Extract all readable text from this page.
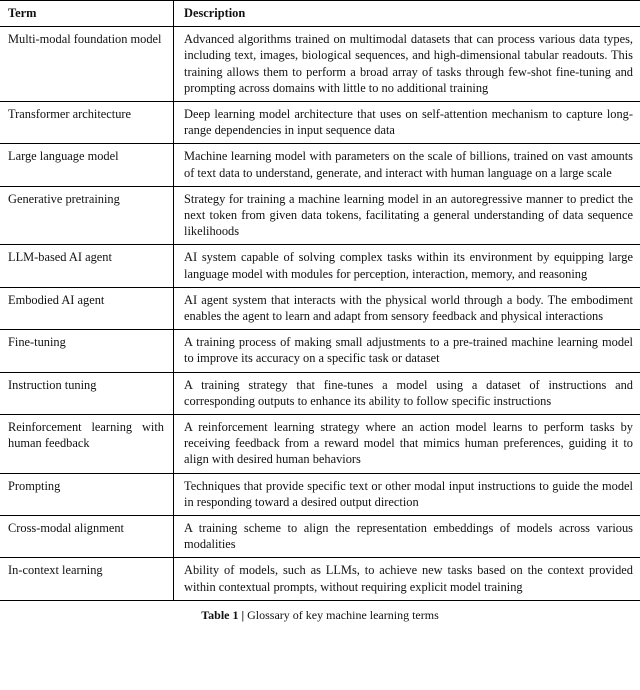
Term	Description
Multi-modal foundation model	Advanced algorithms trained on multimodal datasets that can process various data types, including text, images, biological sequences, and high-dimensional tabular readouts. This training allows them to perform a broad array of tasks through few-shot fine-tuning and prompting across domains with little to no additional training
Transformer architecture	Deep learning model architecture that uses on self-attention mechanism to capture long-range dependencies in input sequence data
Large language model	Machine learning model with parameters on the scale of billions, trained on vast amounts of text data to understand, generate, and interact with human language on a large scale
Generative pretraining	Strategy for training a machine learning model in an autoregressive manner to predict the next token from given data tokens, facilitating a general understanding of data sequence likelihoods
LLM-based AI agent	AI system capable of solving complex tasks within its environment by equipping large language model with modules for perception, interaction, memory, and reasoning
Embodied AI agent	AI agent system that interacts with the physical world through a body. The embodiment enables the agent to learn and adapt from sensory feedback and physical interactions
Fine-tuning	A training process of making small adjustments to a pre-trained machine learning model to improve its accuracy on a specific task or dataset
Instruction tuning	A training strategy that fine-tunes a model using a dataset of instructions and corresponding outputs to enhance its ability to follow specific instructions
Reinforcement learning with human feedback	A reinforcement learning strategy where an action model learns to perform tasks by receiving feedback from a reward model that mimics human preferences, guiding it to align with desired human behaviors
Prompting	Techniques that provide specific text or other modal input instructions to guide the model in responding toward a desired output direction
Cross-modal alignment	A training scheme to align the representation embeddings of models across various modalities
In-context learning	Ability of models, such as LLMs, to achieve new tasks based on the context provided within contextual prompts, without requiring explicit model training
Table 1 | Glossary of key machine learning terms
